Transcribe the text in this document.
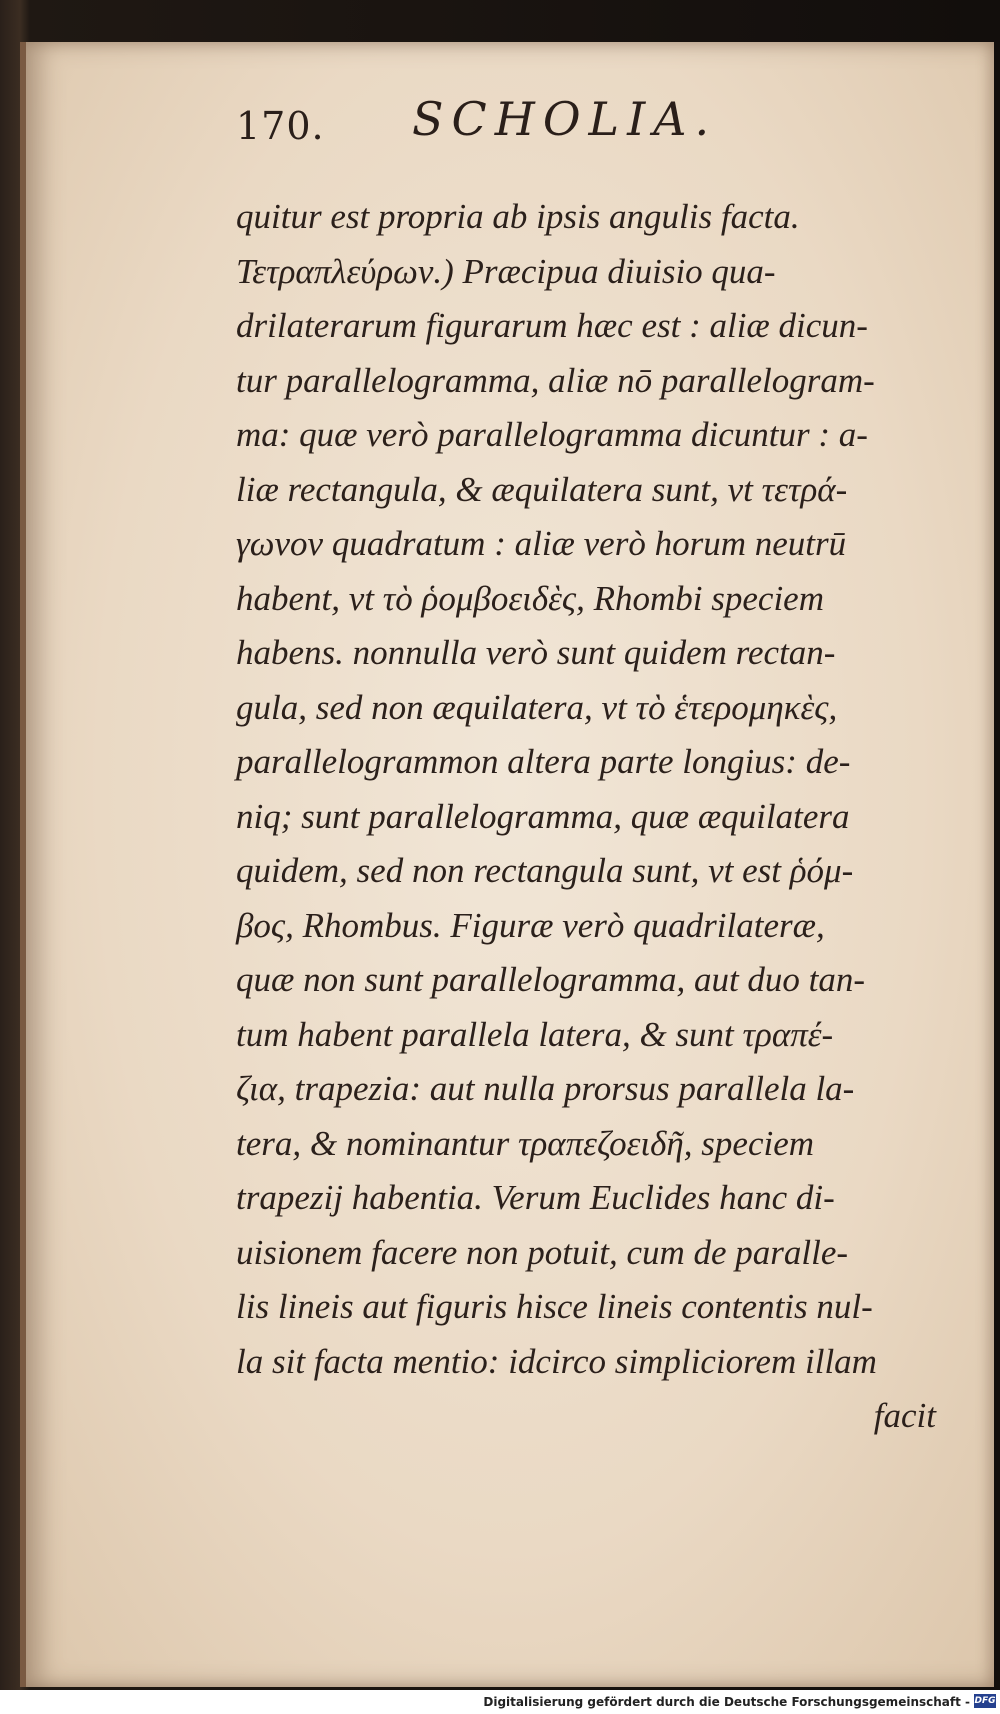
170. SCHOLIA.
quitur est propria ab ipsis angulis facta.
Τετραπλεύρων.) Præcipua diuisio qua-
drilaterarum figurarum hæc est : aliæ dicun-
tur parallelogramma, aliæ nō parallelogram-
ma: quæ verò parallelogramma dicuntur : a-
liæ rectangula, & æquilatera sunt, vt τετρά-
γωνον quadratum : aliæ verò horum neutrū
habent, vt τὸ ῥομβοειδὲς, Rhombi speciem
habens. nonnulla verò sunt quidem rectan-
gula, sed non æquilatera, vt τὸ ἑτερομηκὲς,
parallelogrammon altera parte longius: de-
niq; sunt parallelogramma, quæ æquilatera
quidem, sed non rectangula sunt, vt est ῥόμ-
βος, Rhombus. Figuræ verò quadrilateræ,
quæ non sunt parallelogramma, aut duo tan-
tum habent parallela latera, & sunt τραπέ-
ζια, trapezia: aut nulla prorsus parallela la-
tera, & nominantur τραπεζοειδῆ, speciem
trapezij habentia. Verum Euclides hanc di-
uisionem facere non potuit, cum de paralle-
lis lineis aut figuris hisce lineis contentis nul-
la sit facta mentio: idcirco simpliciorem illam
facit
Digitalisierung gefördert durch die Deutsche Forschungsgemeinschaft - DFG
